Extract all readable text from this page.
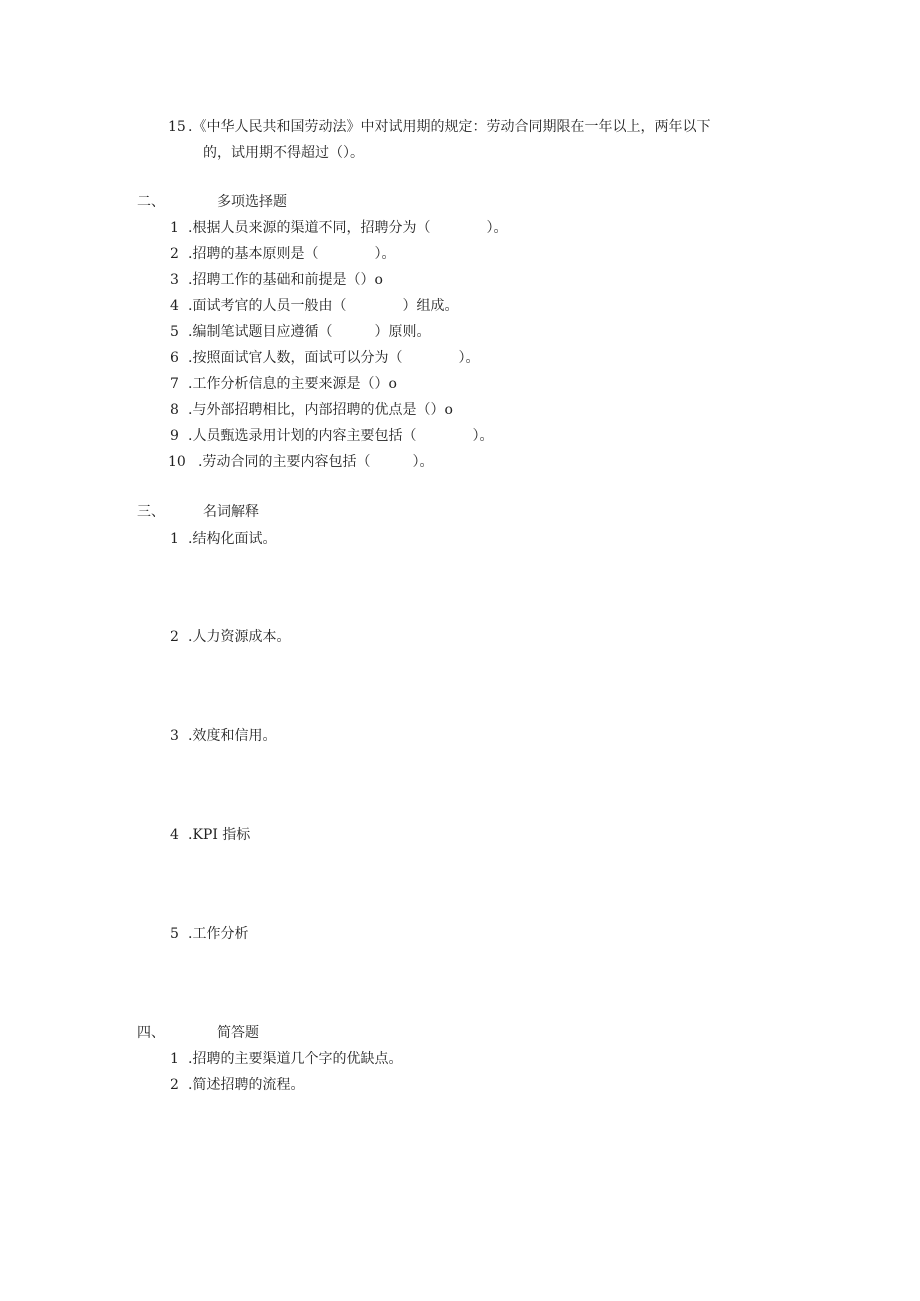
15 .《中华人民共和国劳动法》中对试用期的规定：劳动合同期限在一年以上，两年以下
的，试用期不得超过（）。
二、	多项选择题
1 .根据人员来源的渠道不同，招聘分为（　　　　）。
2 .招聘的基本原则是（　　　　）。
3 .招聘工作的基础和前提是（）o
4 .面试考官的人员一般由（　　　　）组成。
5 .编制笔试题目应遵循（　　　）原则。
6 .按照面试官人数，面试可以分为（　　　　）。
7 .工作分析信息的主要来源是（）o
8 .与外部招聘相比，内部招聘的优点是（）o
9 .人员甄选录用计划的内容主要包括（　　　　）。
10 .劳动合同的主要内容包括（　　　）。
三、	名词解释
1 .结构化面试。
2 .人力资源成本。
3 .效度和信用。
4 .KPI 指标
5 .工作分析
四、	简答题
1 .招聘的主要渠道几个字的优缺点。
2 .简述招聘的流程。
